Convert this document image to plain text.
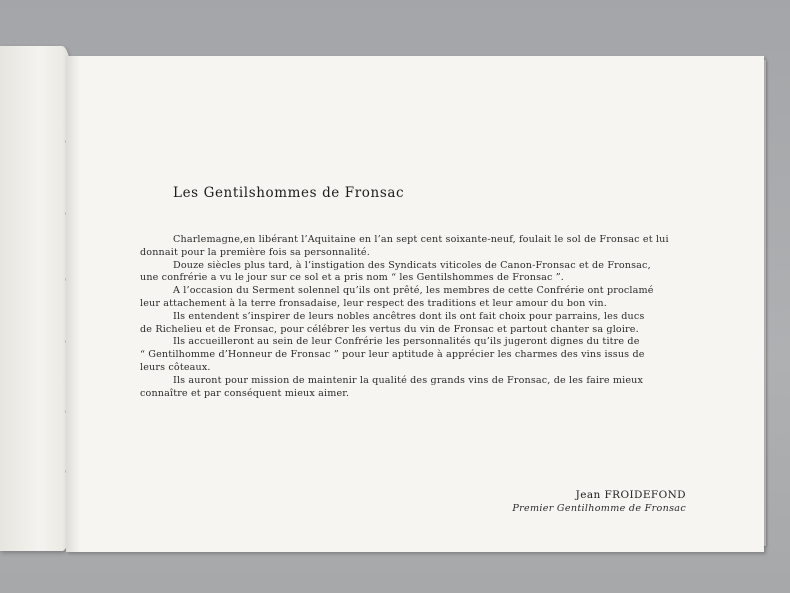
Les Gentilshommes de Fronsac
Charlemagne,en libérant l’Aquitaine en l’an sept cent soixante-neuf, foulait le sol de Fronsac et lui
donnait pour la première fois sa personnalité.
Douze siècles plus tard, à l’instigation des Syndicats viticoles de Canon-Fronsac et de Fronsac,
une confrérie a vu le jour sur ce sol et a pris nom “ les Gentilshommes de Fronsac ”.
A l’occasion du Serment solennel qu’ils ont prêté, les membres de cette Confrérie ont proclamé
leur attachement à la terre fronsadaise, leur respect des traditions et leur amour du bon vin.
Ils entendent s’inspirer de leurs nobles ancêtres dont ils ont fait choix pour parrains, les ducs
de Richelieu et de Fronsac, pour célébrer les vertus du vin de Fronsac et partout chanter sa gloire.
Ils accueilleront au sein de leur Confrérie les personnalités qu’ils jugeront dignes du titre de
“ Gentilhomme d’Honneur de Fronsac ” pour leur aptitude à apprécier les charmes des vins issus de
leurs côteaux.
Ils auront pour mission de maintenir la qualité des grands vins de Fronsac, de les faire mieux
connaître et par conséquent mieux aimer.
Jean FROIDEFOND
Premier Gentilhomme de Fronsac
